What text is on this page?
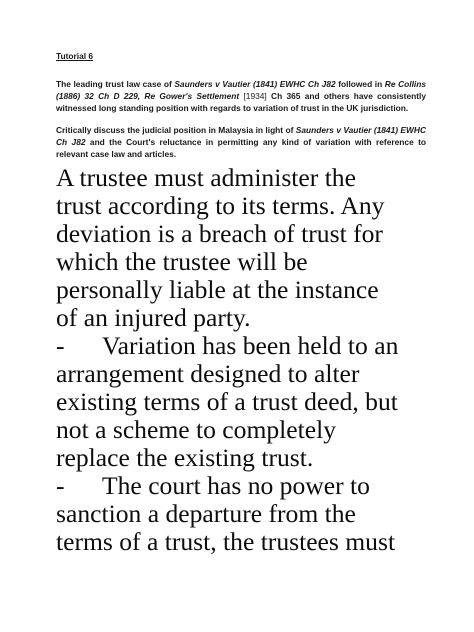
Tutorial 6

The leading trust law case of Saunders v Vautier (1841) EWHC Ch J82 followed in Re Collins (1886) 32 Ch D 229, Re Gower's Settlement [1934] Ch 365 and others have consistently witnessed long standing position with regards to variation of trust in the UK jurisdiction.

Critically discuss the judicial position in Malaysia in light of Saunders v Vautier (1841) EWHC Ch J82 and the Court's reluctance in permitting any kind of variation with reference to relevant case law and articles.

A trustee must administer the
trust according to its terms. Any
deviation is a breach of trust for
which the trustee will be
personally liable at the instance
of an injured party.
- Variation has been held to an
arrangement designed to alter
existing terms of a trust deed, but
not a scheme to completely
replace the existing trust.
- The court has no power to
sanction a departure from the
terms of a trust, the trustees must
